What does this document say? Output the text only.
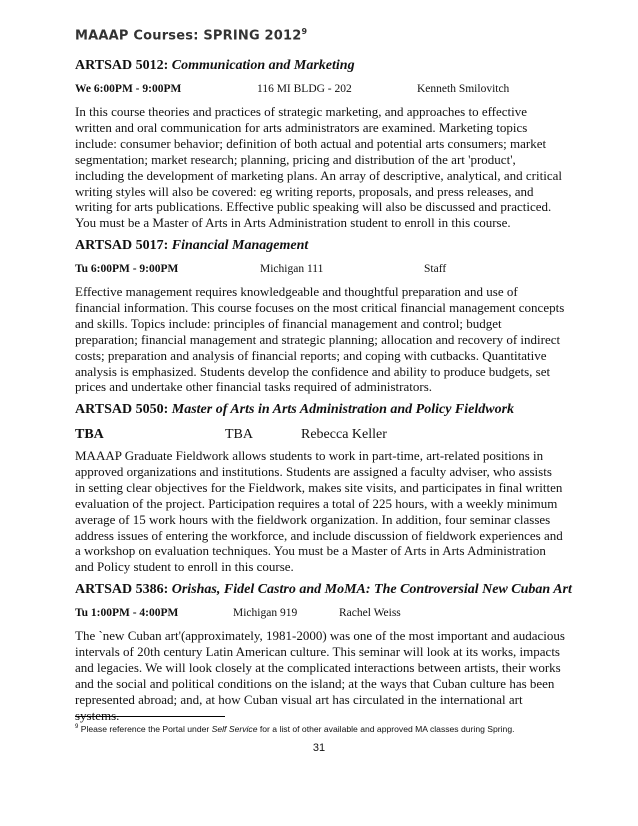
MAAAP Courses: SPRING 2012$^9$
ARTSAD 5012: Communication and Marketing
We 6:00PM - 9:00PM	116 MI BLDG - 202	Kenneth Smilovitch
In this course theories and practices of strategic marketing, and approaches to effective written and oral communication for arts administrators are examined. Marketing topics include: consumer behavior; definition of both actual and potential arts consumers; market segmentation; market research; planning, pricing and distribution of the art 'product', including the development of marketing plans. An array of descriptive, analytical, and critical writing styles will also be covered: eg writing reports, proposals, and press releases, and writing for arts publications. Effective public speaking will also be discussed and practiced. You must be a Master of Arts in Arts Administration student to enroll in this course.
ARTSAD 5017: Financial Management
Tu 6:00PM - 9:00PM	Michigan 111	Staff
Effective management requires knowledgeable and thoughtful preparation and use of financial information. This course focuses on the most critical financial management concepts and skills. Topics include: principles of financial management and control; budget preparation; financial management and strategic planning; allocation and recovery of indirect costs; preparation and analysis of financial reports; and coping with cutbacks. Quantitative analysis is emphasized. Students develop the confidence and ability to produce budgets, set prices and undertake other financial tasks required of administrators.
ARTSAD 5050: Master of Arts in Arts Administration and Policy Fieldwork
TBA	TBA	Rebecca Keller
MAAAP Graduate Fieldwork allows students to work in part-time, art-related positions in approved organizations and institutions. Students are assigned a faculty adviser, who assists in setting clear objectives for the Fieldwork, makes site visits, and participates in final written evaluation of the project. Participation requires a total of 225 hours, with a weekly minimum average of 15 work hours with the fieldwork organization. In addition, four seminar classes address issues of entering the workforce, and include discussion of fieldwork experiences and a workshop on evaluation techniques. You must be a Master of Arts in Arts Administration and Policy student to enroll in this course.
ARTSAD 5386: Orishas, Fidel Castro and MoMA: The Controversial New Cuban Art
Tu 1:00PM - 4:00PM	Michigan 919	Rachel Weiss
The `new Cuban art'(approximately, 1981-2000) was one of the most important and audacious intervals of 20th century Latin American culture. This seminar will look at its works, impacts and legacies. We will look closely at the complicated interactions between artists, their works and the social and political conditions on the island; at the ways that Cuban culture has been represented abroad; and, at how Cuban visual art has circulated in the international art systems.
$^9$ Please reference the Portal under Self Service for a list of other available and approved MA classes during Spring.
31
